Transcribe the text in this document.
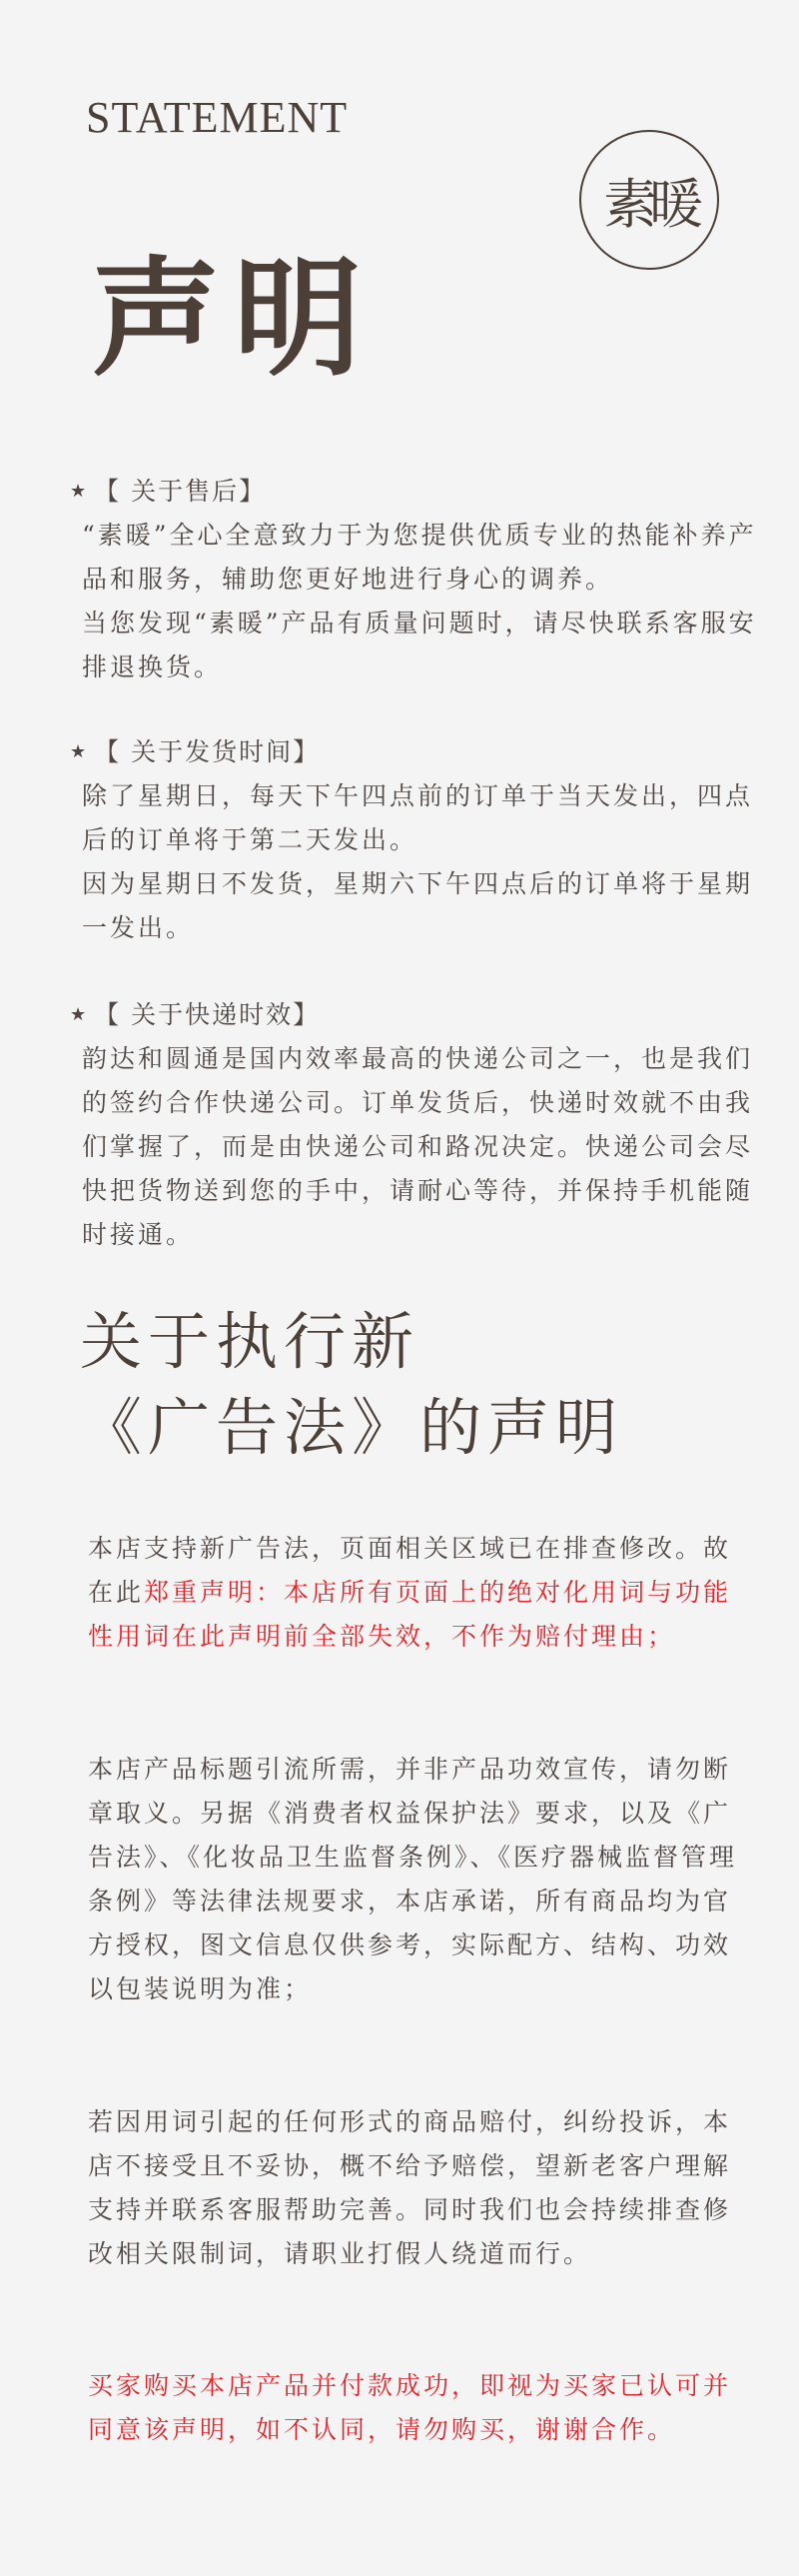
STATEMENT
素暖
声明
★ 【 关于售后】

“素暖”全心全意致力于为您提供优质专业的热能补养产品和服务，辅助您更好地进行身心的调养。

当您发现“素暖”产品有质量问题时，请尽快联系客服安排退换货。

★ 【 关于发货时间】

除了星期日，每天下午四点前的订单于当天发出，四点后的订单将于第二天发出。

因为星期日不发货，星期六下午四点后的订单将于星期一发出。

★ 【 关于快递时效】

韵达和圆通是国内效率最高的快递公司之一，也是我们的签约合作快递公司。订单发货后，快递时效就不由我们掌握了，而是由快递公司和路况决定。快递公司会尽快把货物送到您的手中，请耐心等待，并保持手机能随时接通。

关于执行新
《广告法》的声明

本店支持新广告法，页面相关区域已在排查修改。故在此郑重声明：本店所有页面上的绝对化用词与功能性用词在此声明前全部失效，不作为赔付理由；

本店产品标题引流所需，并非产品功效宣传，请勿断章取义。另据《消费者权益保护法》要求，以及《广告法》、《化妆品卫生监督条例》、《医疗器械监督管理条例》等法律法规要求，本店承诺，所有商品均为官方授权，图文信息仅供参考，实际配方、结构、功效以包装说明为准；

若因用词引起的任何形式的商品赔付，纠纷投诉，本店不接受且不妥协，概不给予赔偿，望新老客户理解支持并联系客服帮助完善。同时我们也会持续排查修改相关限制词，请职业打假人绕道而行。

买家购买本店产品并付款成功，即视为买家已认可并同意该声明，如不认同，请勿购买，谢谢合作。
